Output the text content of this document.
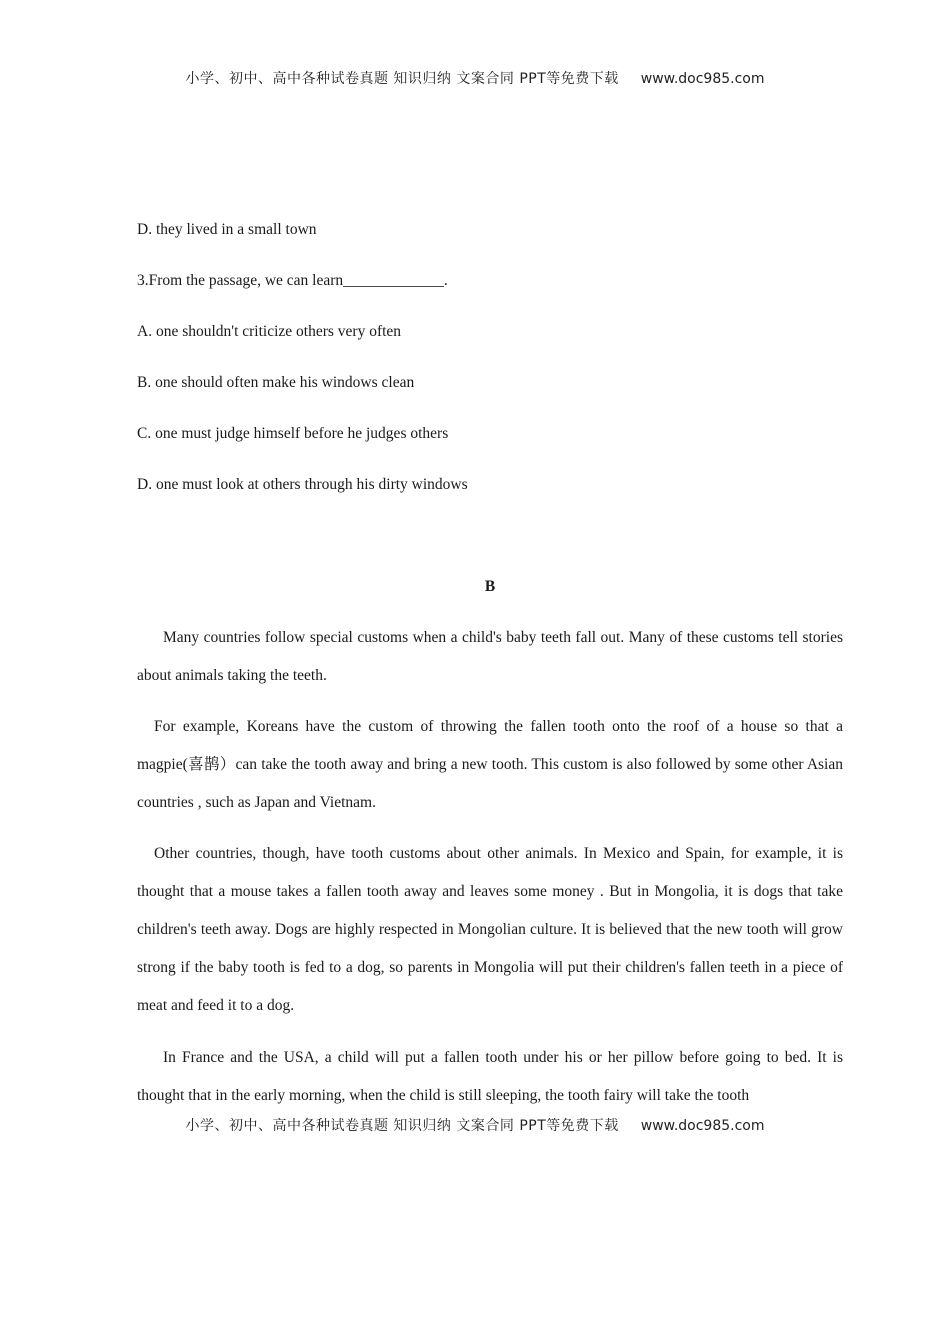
小学、初中、高中各种试卷真题 知识归纳 文案合同 PPT等免费下载 www.doc985.com
D. they lived in a small town
3.From the passage, we can learn_____________.
A. one shouldn't criticize others very often
B. one should often make his windows clean
C. one must judge himself before he judges others
D. one must look at others through his dirty windows
B
Many countries follow special customs when a child's baby teeth fall out. Many of these customs tell stories about animals taking the teeth.
For example, Koreans have the custom of throwing the fallen tooth onto the roof of a house so that a magpie(喜鹊）can take the tooth away and bring a new tooth. This custom is also followed by some other Asian countries , such as Japan and Vietnam.
Other countries, though, have tooth customs about other animals. In Mexico and Spain, for example, it is thought that a mouse takes a fallen tooth away and leaves some money . But in Mongolia, it is dogs that take children's teeth away. Dogs are highly respected in Mongolian culture. It is believed that the new tooth will grow strong if the baby tooth is fed to a dog, so parents in Mongolia will put their children's fallen teeth in a piece of meat and feed it to a dog.
In France and the USA, a child will put a fallen tooth under his or her pillow before going to bed. It is thought that in the early morning, when the child is still sleeping, the tooth fairy will take the tooth
小学、初中、高中各种试卷真题 知识归纳 文案合同 PPT等免费下载 www.doc985.com
